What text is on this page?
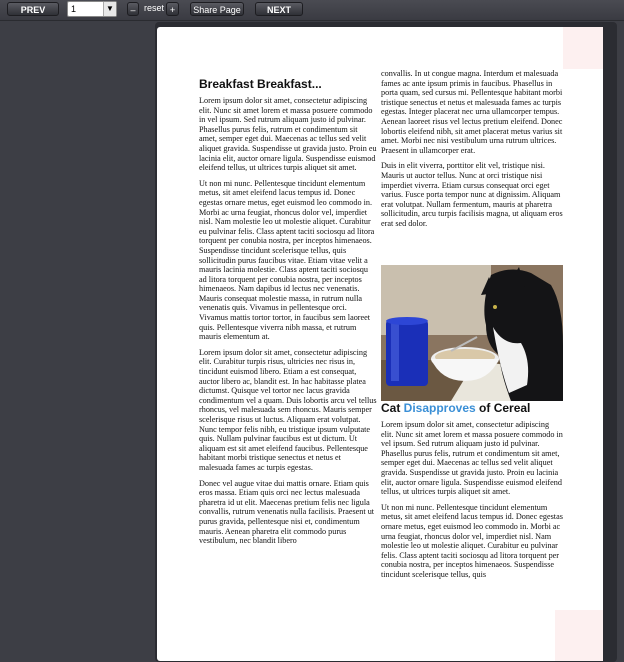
PREV	1	▼	– reset +	Share Page	NEXT
Breakfast Breakfast...

Lorem ipsum dolor sit amet, consectetur adipiscing elit. Nunc sit amet lorem et massa posuere commodo in vel ipsum. Sed rutrum aliquam justo id pulvinar. Phasellus purus felis, rutrum et condimentum sit amet, semper eget dui. Maecenas ac tellus sed velit aliquet gravida. Suspendisse ut gravida justo. Proin eu lacinia elit, auctor ornare ligula. Suspendisse euismod eleifend tellus, ut ultrices turpis aliquet sit amet.

Ut non mi nunc. Pellentesque tincidunt elementum metus, sit amet eleifend lacus tempus id. Donec egestas ornare metus, eget euismod leo commodo in. Morbi ac urna feugiat, rhoncus dolor vel, imperdiet nisl. Nam molestie leo ut molestie aliquet. Curabitur eu pulvinar felis. Class aptent taciti sociosqu ad litora torquent per conubia nostra, per inceptos himenaeos. Suspendisse tincidunt scelerisque tellus, quis sollicitudin purus faucibus vitae. Etiam vitae velit a mauris lacinia molestie. Class aptent taciti sociosqu ad litora torquent per conubia nostra, per inceptos himenaeos. Nam dapibus id lectus nec venenatis. Mauris consequat molestie massa, in rutrum nulla venenatis quis. Vivamus in pellentesque orci. Vivamus mattis tortor tortor, in faucibus sem laoreet quis. Pellentesque viverra nibh massa, et rutrum mauris elementum at.

Lorem ipsum dolor sit amet, consectetur adipiscing elit. Curabitur turpis risus, ultricies nec risus in, tincidunt euismod libero. Etiam a est consequat, auctor libero ac, blandit est. In hac habitasse platea dictumst. Quisque vel tortor nec lacus gravida condimentum vel a quam. Duis lobortis arcu vel tellus rhoncus, vel malesuada sem rhoncus. Mauris semper scelerisque risus ut luctus. Aliquam erat volutpat. Nunc tempor felis nibh, eu tristique ipsum vulputate quis. Nullam pulvinar faucibus est ut dictum. Ut aliquam est sit amet eleifend faucibus. Pellentesque habitant morbi tristique senectus et netus et malesuada fames ac turpis egestas.

Donec vel augue vitae dui mattis ornare. Etiam quis eros massa. Etiam quis orci nec lectus malesuada pharetra id ut elit. Maecenas pretium felis nec ligula convallis, rutrum venenatis nulla facilisis. Praesent ut purus gravida, pellentesque nisi et, condimentum mauris. Aenean pharetra elit commodo purus vestibulum, nec blandit libero

convallis. In ut congue magna. Interdum et malesuada fames ac ante ipsum primis in faucibus. Phasellus in porta quam, sed cursus mi. Pellentesque habitant morbi tristique senectus et netus et malesuada fames ac turpis egestas. Integer placerat nec urna ullamcorper tempus. Aenean laoreet risus vel lectus pretium eleifend. Donec lobortis eleifend nibh, sit amet placerat metus varius sit amet. Morbi nec nisi vestibulum urna rutrum ultrices. Praesent in ullamcorper erat.

Duis in elit viverra, porttitor elit vel, tristique nisi. Mauris ut auctor tellus. Nunc at orci tristique nisi imperdiet viverra. Etiam cursus consequat orci eget varius. Fusce porta tempor nunc at dignissim. Aliquam erat volutpat. Nullam fermentum, mauris at pharetra sollicitudin, arcu turpis facilisis magna, ut aliquam eros erat sed dolor.

Cat Disapproves of Cereal

Lorem ipsum dolor sit amet, consectetur adipiscing elit. Nunc sit amet lorem et massa posuere commodo in vel ipsum. Sed rutrum aliquam justo id pulvinar. Phasellus purus felis, rutrum et condimentum sit amet, semper eget dui. Maecenas ac tellus sed velit aliquet gravida. Suspendisse ut gravida justo. Proin eu lacinia elit, auctor ornare ligula. Suspendisse euismod eleifend tellus, ut ultrices turpis aliquet sit amet.

Ut non mi nunc. Pellentesque tincidunt elementum metus, sit amet eleifend lacus tempus id. Donec egestas ornare metus, eget euismod leo commodo in. Morbi ac urna feugiat, rhoncus dolor vel, imperdiet nisl. Nam molestie leo ut molestie aliquet. Curabitur eu pulvinar felis. Class aptent taciti sociosqu ad litora torquent per conubia nostra, per inceptos himenaeos. Suspendisse tincidunt scelerisque tellus, quis
